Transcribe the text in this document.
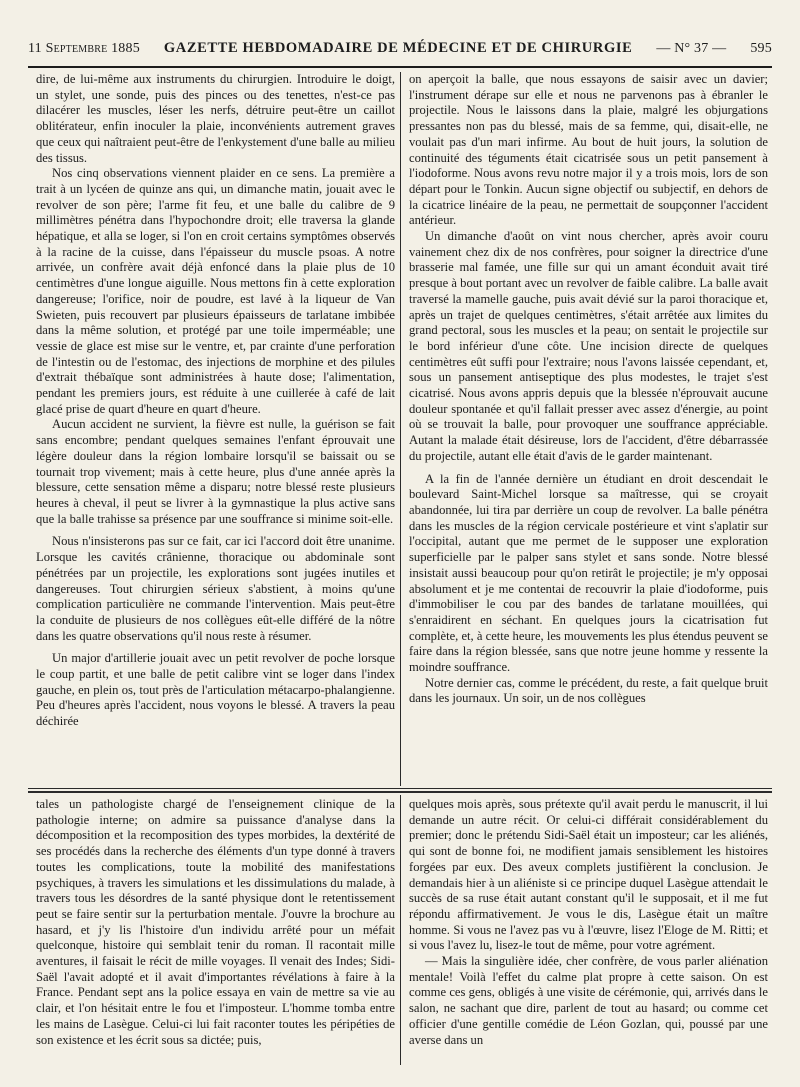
11 Septembre 1885 GAZETTE HEBDOMADAIRE DE MÉDECINE ET DE CHIRURGIE — N° 37 — 595

dire, de lui-même aux instruments du chirurgien. Introduire le doigt, un stylet, une sonde, puis des pinces ou des tenettes, n'est-ce pas dilacérer les muscles, léser les nerfs, détruire peut-être un caillot oblitérateur, enfin inoculer la plaie, inconvénients autrement graves que ceux qui naîtraient peut-être de l'enkystement d'une balle au milieu des tissus.

Nos cinq observations viennent plaider en ce sens. La première a trait à un lycéen de quinze ans qui, un dimanche matin, jouait avec le revolver de son père; l'arme fit feu, et une balle du calibre de 9 millimètres pénétra dans l'hypochondre droit; elle traversa la glande hépatique, et alla se loger, si l'on en croit certains symptômes observés à la racine de la cuisse, dans l'épaisseur du muscle psoas. A notre arrivée, un confrère avait déjà enfoncé dans la plaie plus de 10 centimètres d'une longue aiguille. Nous mettons fin à cette exploration dangereuse; l'orifice, noir de poudre, est lavé à la liqueur de Van Swieten, puis recouvert par plusieurs épaisseurs de tarlatane imbibée dans la même solution, et protégé par une toile imperméable; une vessie de glace est mise sur le ventre, et, par crainte d'une perforation de l'intestin ou de l'estomac, des injections de morphine et des pilules d'extrait thébaïque sont administrées à haute dose; l'alimentation, pendant les premiers jours, est réduite à une cuillerée à café de lait glacé prise de quart d'heure en quart d'heure.

Aucun accident ne survient, la fièvre est nulle, la guérison se fait sans encombre; pendant quelques semaines l'enfant éprouvait une légère douleur dans la région lombaire lorsqu'il se baissait ou se tournait trop vivement; mais à cette heure, plus d'une année après la blessure, cette sensation même a disparu; notre blessé reste plusieurs heures à cheval, il peut se livrer à la gymnastique la plus active sans que la balle trahisse sa présence par une souffrance si minime soit-elle.

Nous n'insisterons pas sur ce fait, car ici l'accord doit être unanime. Lorsque les cavités crânienne, thoracique ou abdominale sont pénétrées par un projectile, les explorations sont jugées inutiles et dangereuses. Tout chirurgien sérieux s'abstient, à moins qu'une complication particulière ne commande l'intervention. Mais peut-être la conduite de plusieurs de nos collègues eût-elle différé de la nôtre dans les quatre observations qu'il nous reste à résumer.

Un major d'artillerie jouait avec un petit revolver de poche lorsque le coup partit, et une balle de petit calibre vint se loger dans l'index gauche, en plein os, tout près de l'articulation métacarpo-phalangienne. Peu d'heures après l'accident, nous voyons le blessé. A travers la peau déchirée

on aperçoit la balle, que nous essayons de saisir avec un davier; l'instrument dérape sur elle et nous ne parvenons pas à ébranler le projectile. Nous le laissons dans la plaie, malgré les objurgations pressantes non pas du blessé, mais de sa femme, qui, disait-elle, ne voulait pas d'un mari infirme. Au bout de huit jours, la solution de continuité des téguments était cicatrisée sous un petit pansement à l'iodoforme. Nous avons revu notre major il y a trois mois, lors de son départ pour le Tonkin. Aucun signe objectif ou subjectif, en dehors de la cicatrice linéaire de la peau, ne permettait de soupçonner l'accident antérieur.

Un dimanche d'août on vint nous chercher, après avoir couru vainement chez dix de nos confrères, pour soigner la directrice d'une brasserie mal famée, une fille sur qui un amant éconduit avait tiré presque à bout portant avec un revolver de faible calibre. La balle avait traversé la mamelle gauche, puis avait dévié sur la paroi thoracique et, après un trajet de quelques centimètres, s'était arrêtée aux limites du grand pectoral, sous les muscles et la peau; on sentait le projectile sur le bord inférieur d'une côte. Une incision directe de quelques centimètres eût suffi pour l'extraire; nous l'avons laissée cependant, et, sous un pansement antiseptique des plus modestes, le trajet s'est cicatrisé. Nous avons appris depuis que la blessée n'éprouvait aucune douleur spontanée et qu'il fallait presser avec assez d'énergie, au point où se trouvait la balle, pour provoquer une souffrance appréciable. Autant la malade était désireuse, lors de l'accident, d'être débarrassée du projectile, autant elle était d'avis de le garder maintenant.

A la fin de l'année dernière un étudiant en droit descendait le boulevard Saint-Michel lorsque sa maîtresse, qui se croyait abandonnée, lui tira par derrière un coup de revolver. La balle pénétra dans les muscles de la région cervicale postérieure et vint s'aplatir sur l'occipital, autant que me permet de le supposer une exploration superficielle par le palper sans stylet et sans sonde. Notre blessé insistait aussi beaucoup pour qu'on retirât le projectile; je m'y opposai absolument et je me contentai de recouvrir la plaie d'iodoforme, puis d'immobiliser le cou par des bandes de tarlatane mouillées, qui s'enraidirent en séchant. En quelques jours la cicatrisation fut complète, et, à cette heure, les mouvements les plus étendus peuvent se faire dans la région blessée, sans que notre jeune homme y ressente la moindre souffrance.

Notre dernier cas, comme le précédent, du reste, a fait quelque bruit dans les journaux. Un soir, un de nos collègues

tales un pathologiste chargé de l'enseignement clinique de la pathologie interne; on admire sa puissance d'analyse dans la décomposition et la recomposition des types morbides, la dextérité de ses procédés dans la recherche des éléments d'un type donné à travers toutes les complications, toute la mobilité des manifestations psychiques, à travers les simulations et les dissimulations du malade, à travers tous les désordres de la santé physique dont le retentissement peut se faire sentir sur la perturbation mentale. J'ouvre la brochure au hasard, et j'y lis l'histoire d'un individu arrêté pour un méfait quelconque, histoire qui semblait tenir du roman. Il racontait mille aventures, il faisait le récit de mille voyages. Il venait des Indes; Sidi-Saël l'avait adopté et il avait d'importantes révélations à faire à la France. Pendant sept ans la police essaya en vain de mettre sa vie au clair, et l'on hésitait entre le fou et l'imposteur. L'homme tomba entre les mains de Lasègue. Celui-ci lui fait raconter toutes les péripéties de son existence et les écrit sous sa dictée; puis,

quelques mois après, sous prétexte qu'il avait perdu le manuscrit, il lui demande un autre récit. Or celui-ci différait considérablement du premier; donc le prétendu Sidi-Saël était un imposteur; car les aliénés, qui sont de bonne foi, ne modifient jamais sensiblement les histoires forgées par eux. Des aveux complets justifièrent la conclusion. Je demandais hier à un aliéniste si ce principe duquel Lasègue attendait le succès de sa ruse était autant constant qu'il le supposait, et il me fut répondu affirmativement. Je vous le dis, Lasègue était un maître homme. Si vous ne l'avez pas vu à l'œuvre, lisez l'Eloge de M. Ritti; et si vous l'avez lu, lisez-le tout de même, pour votre agrément.

— Mais la singulière idée, cher confrère, de vous parler aliénation mentale! Voilà l'effet du calme plat propre à cette saison. On est comme ces gens, obligés à une visite de cérémonie, qui, arrivés dans le salon, ne sachant que dire, parlent de tout au hasard; ou comme cet officier d'une gentille comédie de Léon Gozlan, qui, poussé par une averse dans un
